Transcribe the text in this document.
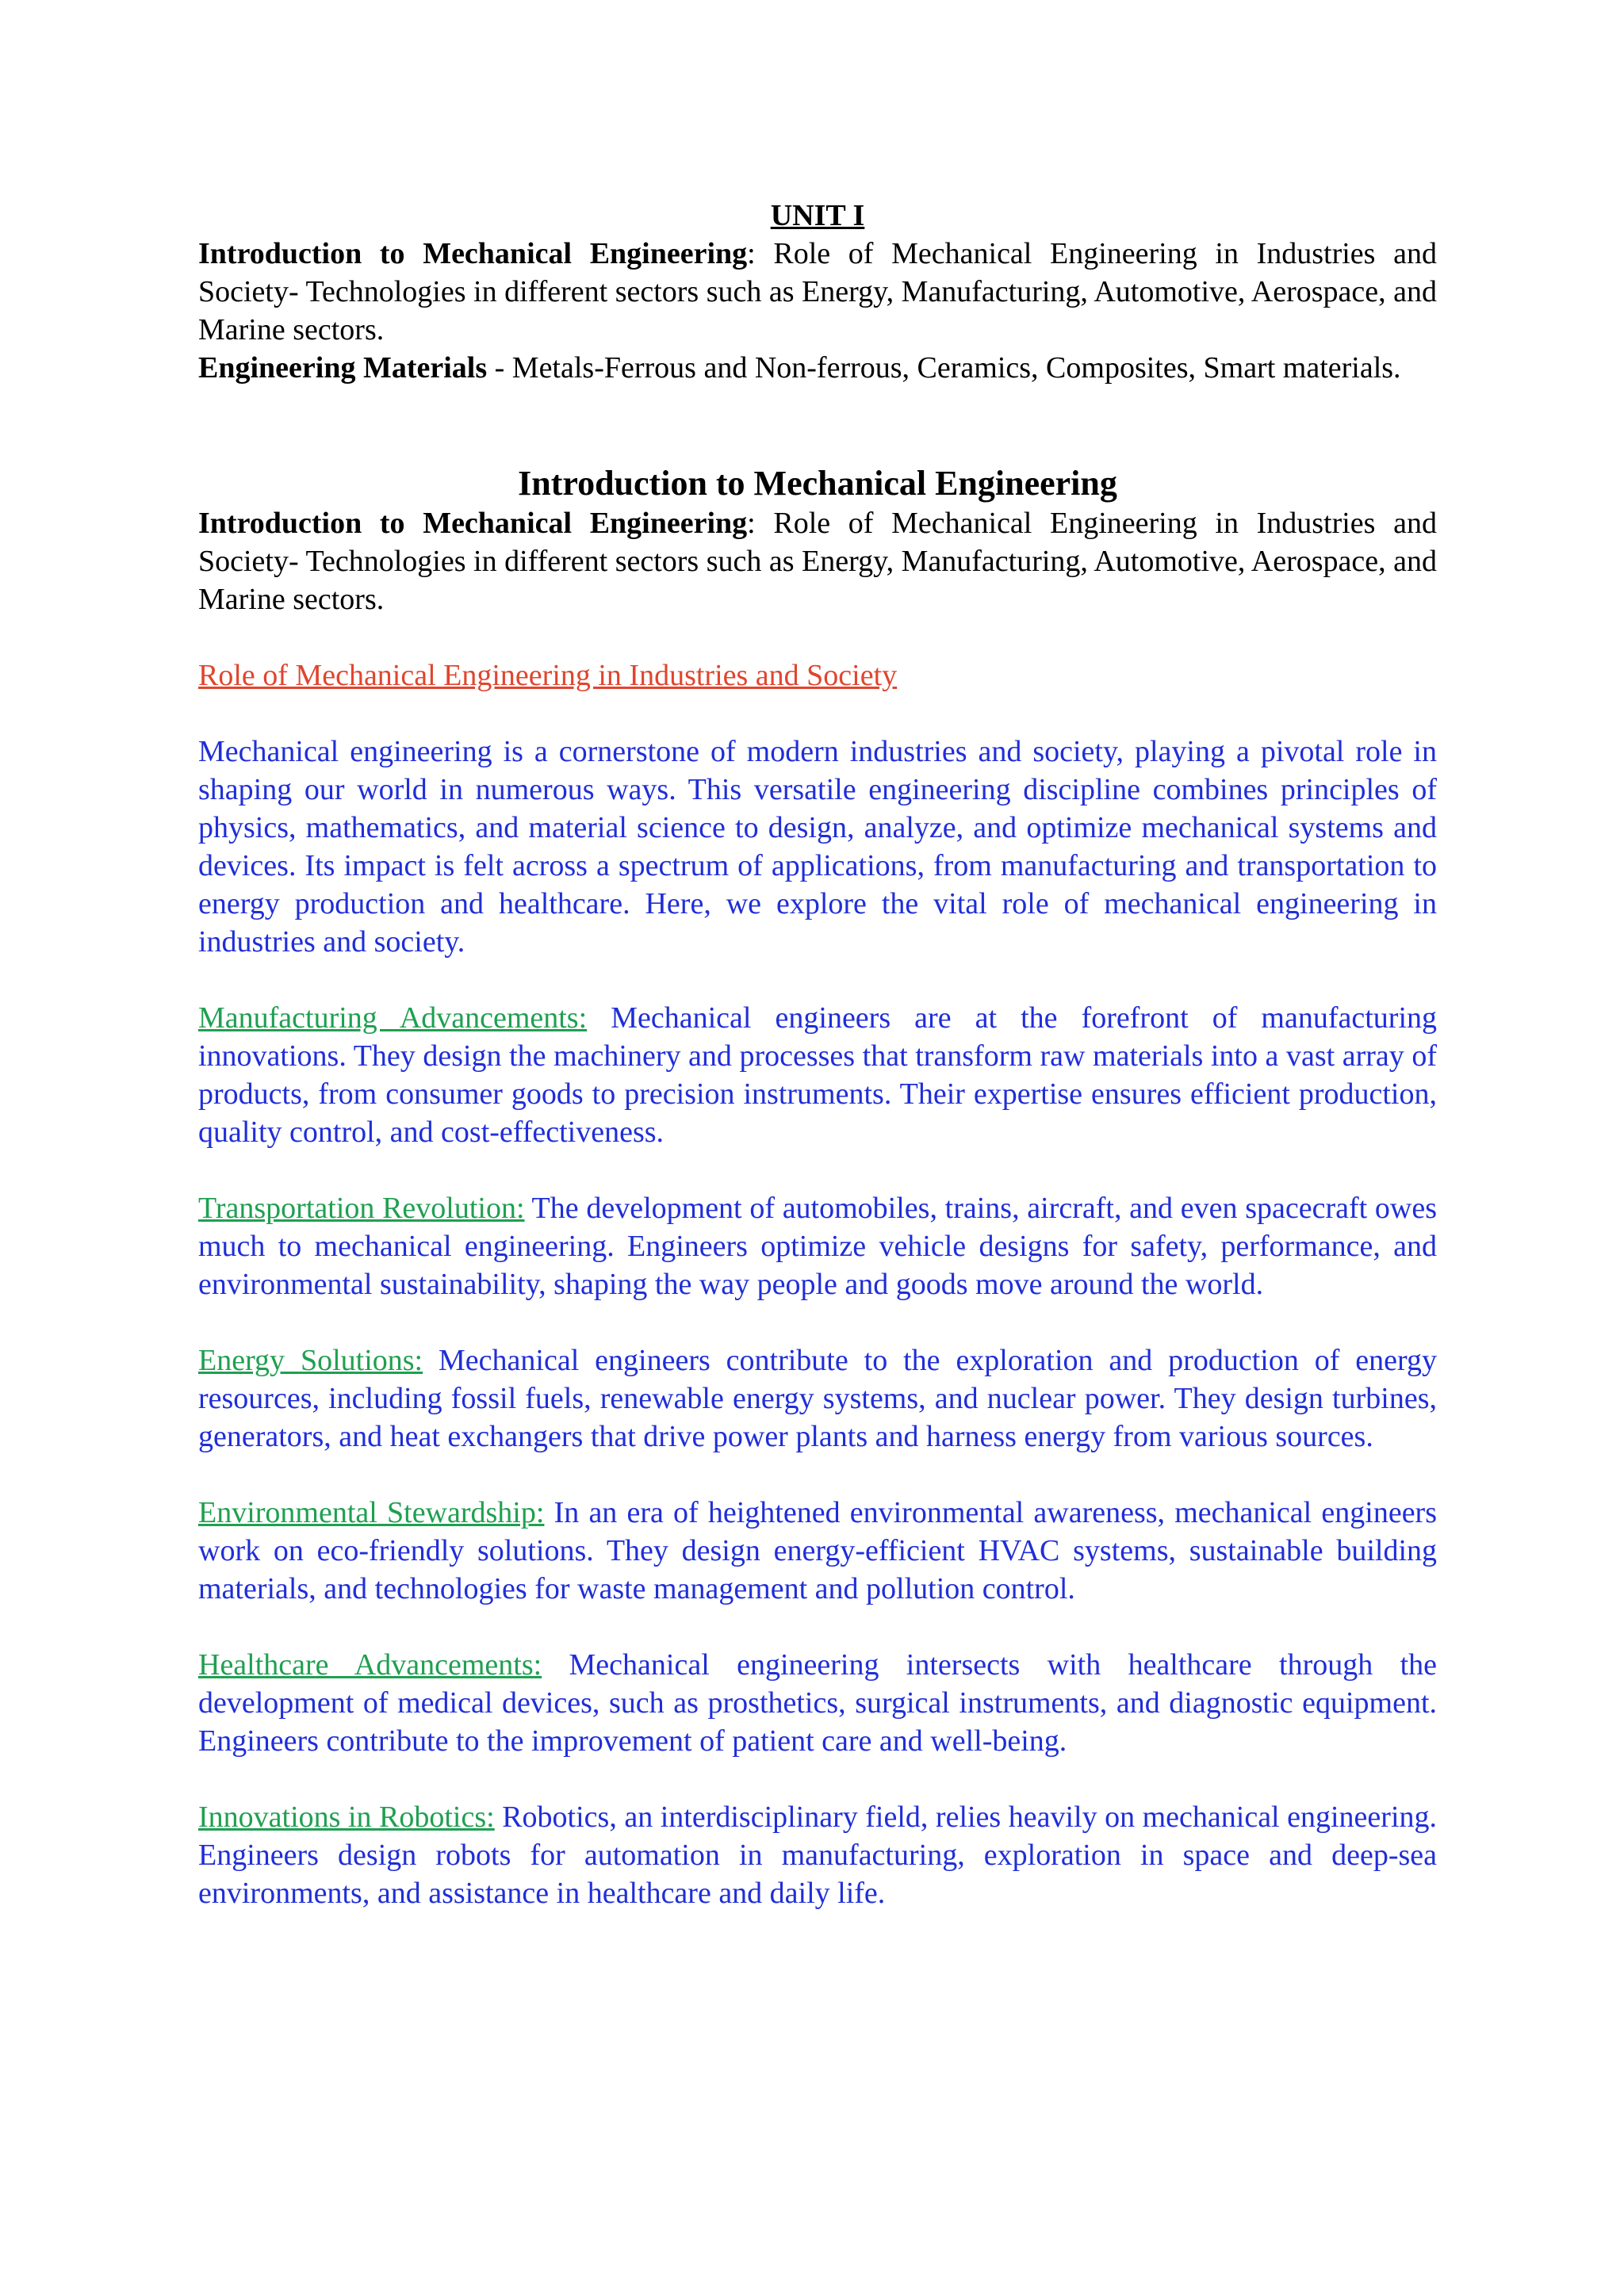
UNIT I

Introduction to Mechanical Engineering: Role of Mechanical Engineering in Industries and Society- Technologies in different sectors such as Energy, Manufacturing, Automotive, Aerospace, and Marine sectors.

Engineering Materials - Metals-Ferrous and Non-ferrous, Ceramics, Composites, Smart materials.

Introduction to Mechanical Engineering

Introduction to Mechanical Engineering: Role of Mechanical Engineering in Industries and Society- Technologies in different sectors such as Energy, Manufacturing, Automotive, Aerospace, and Marine sectors.

Role of Mechanical Engineering in Industries and Society

Mechanical engineering is a cornerstone of modern industries and society, playing a pivotal role in shaping our world in numerous ways. This versatile engineering discipline combines principles of physics, mathematics, and material science to design, analyze, and optimize mechanical systems and devices. Its impact is felt across a spectrum of applications, from manufacturing and transportation to energy production and healthcare. Here, we explore the vital role of mechanical engineering in industries and society.

Manufacturing Advancements: Mechanical engineers are at the forefront of manufacturing innovations. They design the machinery and processes that transform raw materials into a vast array of products, from consumer goods to precision instruments. Their expertise ensures efficient production, quality control, and cost-effectiveness.

Transportation Revolution: The development of automobiles, trains, aircraft, and even spacecraft owes much to mechanical engineering. Engineers optimize vehicle designs for safety, performance, and environmental sustainability, shaping the way people and goods move around the world.

Energy Solutions: Mechanical engineers contribute to the exploration and production of energy resources, including fossil fuels, renewable energy systems, and nuclear power. They design turbines, generators, and heat exchangers that drive power plants and harness energy from various sources.

Environmental Stewardship: In an era of heightened environmental awareness, mechanical engineers work on eco-friendly solutions. They design energy-efficient HVAC systems, sustainable building materials, and technologies for waste management and pollution control.

Healthcare Advancements: Mechanical engineering intersects with healthcare through the development of medical devices, such as prosthetics, surgical instruments, and diagnostic equipment. Engineers contribute to the improvement of patient care and well-being.

Innovations in Robotics: Robotics, an interdisciplinary field, relies heavily on mechanical engineering. Engineers design robots for automation in manufacturing, exploration in space and deep-sea environments, and assistance in healthcare and daily life.
